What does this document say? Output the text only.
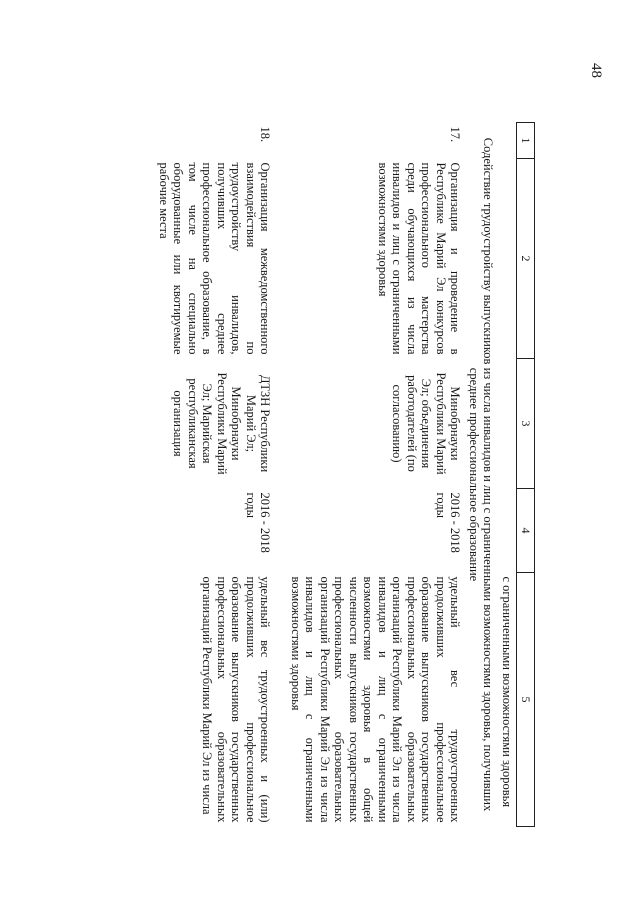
48
1	2	3	4	5
				с ограниченными возможностями здоровья
Содействие трудоустройству выпускников из числа инвалидов и лиц с ограниченными возможностями здоровья, получивших среднее профессиональное образование				
17.	Организация и проведение в Республике Марий Эл конкурсов профессионального мастерства среди обучающихся из числа инвалидов и лиц с ограниченными возможностями здоровья	Минобрнауки Республики Марий Эл; объединения работодателей (по согласованию)	2016 - 2018 годы	удельный вес трудоустроенных продолживших профессиональное образование выпускников государственных профессиональных образовательных организаций Республики Марий Эл из числа инвалидов и лиц с ограниченными возможностями здоровья в общей численности выпускников государственных профессиональных образовательных организаций Республики Марий Эл из числа инвалидов и лиц с ограниченными возможностями здоровья
18.	Организация межведомственного взаимодействия по трудоустройству инвалидов, получивших среднее профессиональное образование, в том числе на специально оборудованные или квотируемые рабочие места	ДТЗН Республики Марий Эл; Минобрнауки Республики Марий Эл; Марийская республиканская организация	2016 - 2018 годы	удельный вес трудоустроенных и (или) продолживших профессиональное образование выпускников государственных профессиональных образовательных организаций Республики Марий Эл из числа
